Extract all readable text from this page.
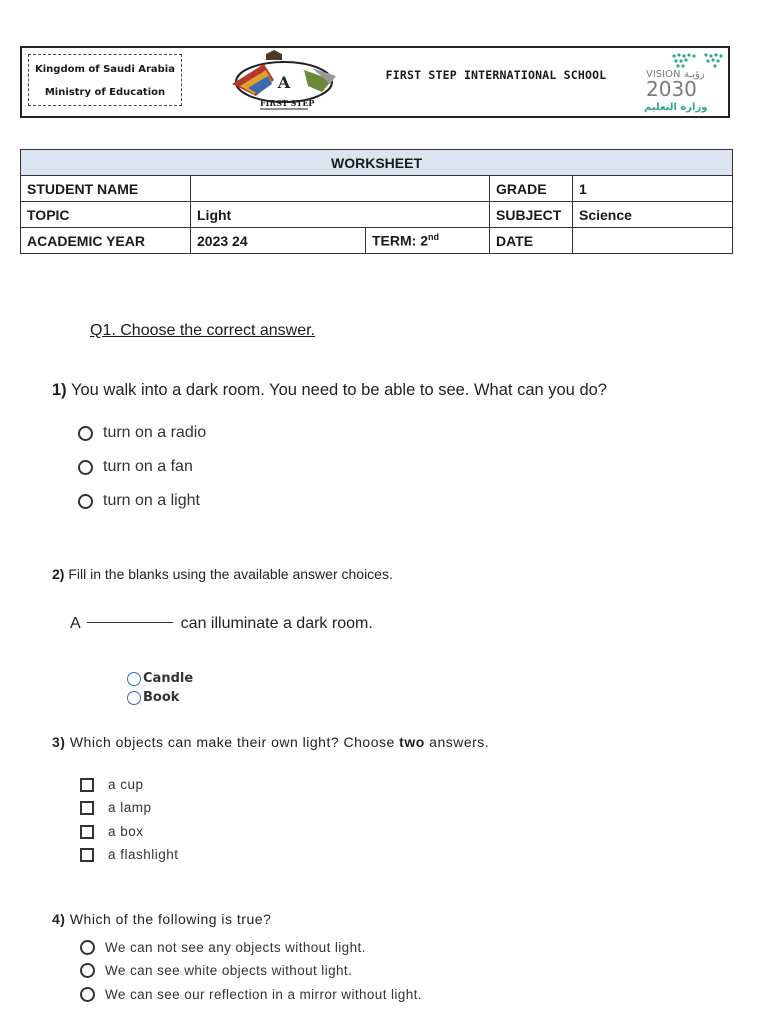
Kingdom of Saudi Arabia
Ministry of Education
A
FIRST STEP
FIRST STEP INTERNATIONAL SCHOOL	VISION رؤيـة
2030
وزارة التعليم
WORKSHEET				
STUDENT NAME			GRADE	1
TOPIC	Light		SUBJECT	Science
ACADEMIC YEAR	2023 24	TERM: 2nd	DATE	
Q1. Choose the correct answer.
1) You walk into a dark room. You need to be able to see. What can you do?
turn on a radio
turn on a fan
turn on a light
2) Fill in the blanks using the available answer choices.
A	can illuminate a dark room.
Candle
Book
3) Which objects can make their own light? Choose two answers.
a cup
a lamp
a box
a flashlight
4) Which of the following is true?
We can not see any objects without light.
We can see white objects without light.
We can see our reflection in a mirror without light.
